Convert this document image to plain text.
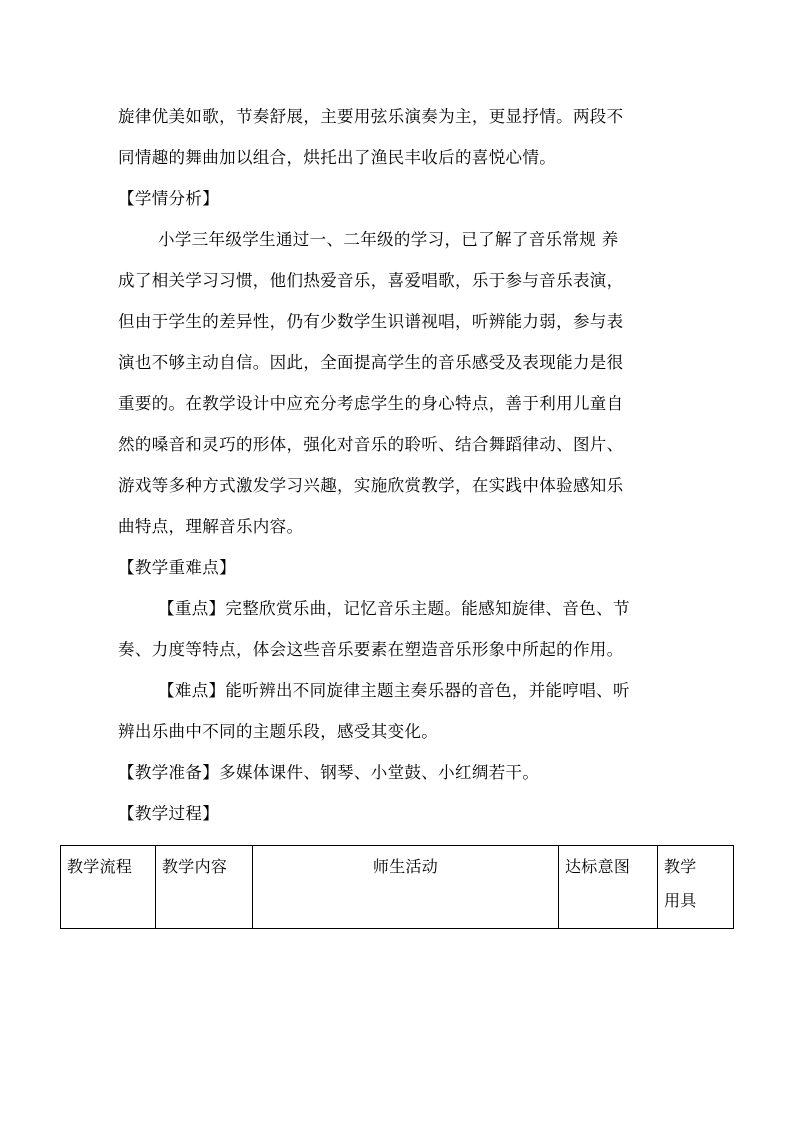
旋律优美如歌，节奏舒展，主要用弦乐演奏为主，更显抒情。两段不
同情趣的舞曲加以组合，烘托出了渔民丰收后的喜悦心情。
【学情分析】
小学三年级学生通过一、二年级的学习，已了解了音乐常规 养
成了相关学习习惯，他们热爱音乐，喜爱唱歌，乐于参与音乐表演，
但由于学生的差异性，仍有少数学生识谱视唱，听辨能力弱，参与表
演也不够主动自信。因此，全面提高学生的音乐感受及表现能力是很
重要的。在教学设计中应充分考虑学生的身心特点，善于利用儿童自
然的嗓音和灵巧的形体，强化对音乐的聆听、结合舞蹈律动、图片、
游戏等多种方式激发学习兴趣，实施欣赏教学，在实践中体验感知乐
曲特点，理解音乐内容。
【教学重难点】
【重点】完整欣赏乐曲，记忆音乐主题。能感知旋律、音色、节
奏、力度等特点，体会这些音乐要素在塑造音乐形象中所起的作用。
【难点】能听辨出不同旋律主题主奏乐器的音色，并能哼唱、听
辨出乐曲中不同的主题乐段，感受其变化。
【教学准备】多媒体课件、钢琴、小堂鼓、小红绸若干。
【教学过程】
教学流程	教学内容	师生活动	达标意图	教学
用具
